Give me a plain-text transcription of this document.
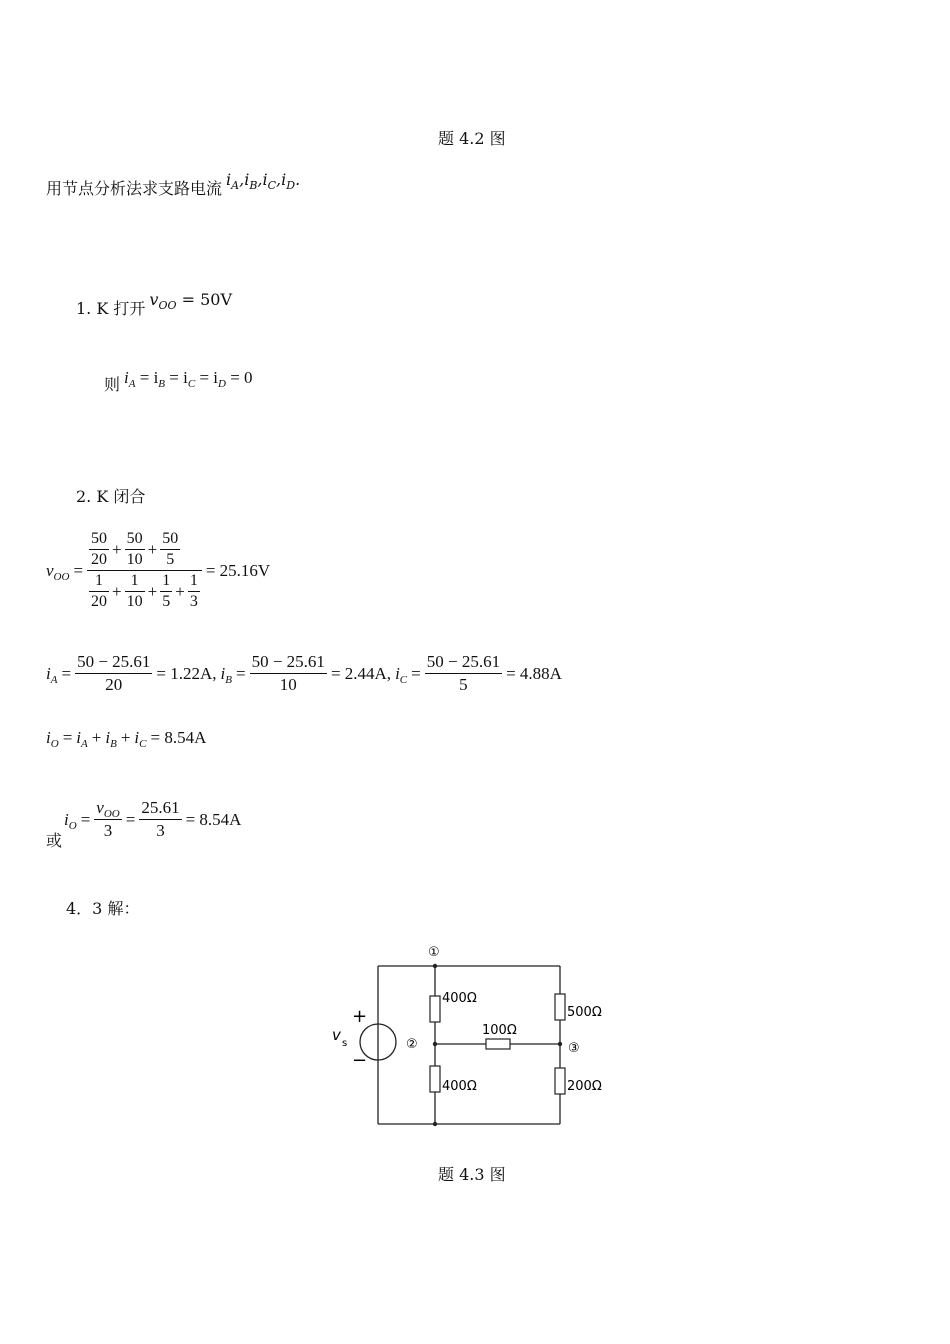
题 4.2 图
用节点分析法求支路电流 $i_A,i_B,i_C,i_D$.
1. K 打开 $v_{OO} = 50V$
则 $i_A = i_B = i_C = i_D = 0$
2. K 闭合
$v_{OO} = \frac{\frac{50}{20} + \frac{50}{10} + \frac{50}{5}}{\frac{1}{20} + \frac{1}{10} + \frac{1}{5} + \frac{1}{3}} = 25.16V$
$i_A = \frac{50 - 25.61}{20} = 1.22A$, $i_B = \frac{50 - 25.61}{10} = 2.44A$, $i_C = \frac{50 - 25.61}{5} = 4.88A$
$i_O = i_A + i_B + i_C = 8.54A$
或
$i_O = \frac{v_{OO}}{3} = \frac{25.61}{3} = 8.54A$
4．3 解：
v s
+
−
①
②	③
400Ω
400Ω
100Ω
500Ω
200Ω
题 4.3 图
